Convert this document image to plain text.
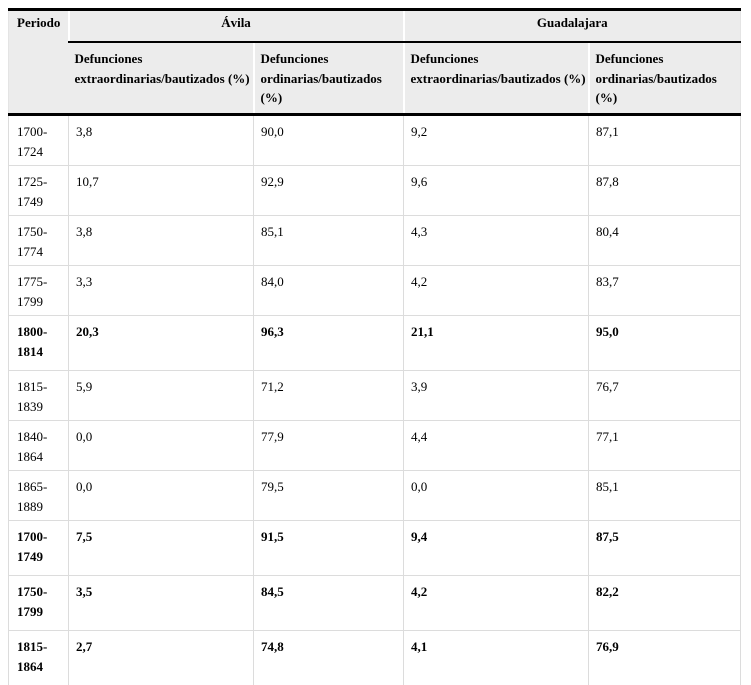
Periodo	Ávila		Guadalajara	
	Defunciones extraordinarias/bautizados (%)	Defunciones ordinarias/bautizados (%)	Defunciones extraordinarias/bautizados (%)	Defunciones ordinarias/bautizados (%)
1700-1724	3,8	90,0	9,2	87,1
1725-1749	10,7	92,9	9,6	87,8
1750-1774	3,8	85,1	4,3	80,4
1775-1799	3,3	84,0	4,2	83,7
1800-1814	20,3	96,3	21,1	95,0
1815-1839	5,9	71,2	3,9	76,7
1840-1864	0,0	77,9	4,4	77,1
1865-1889	0,0	79,5	0,0	85,1
1700-1749	7,5	91,5	9,4	87,5
1750-1799	3,5	84,5	4,2	82,2
1815-1864	2,7	74,8	4,1	76,9
